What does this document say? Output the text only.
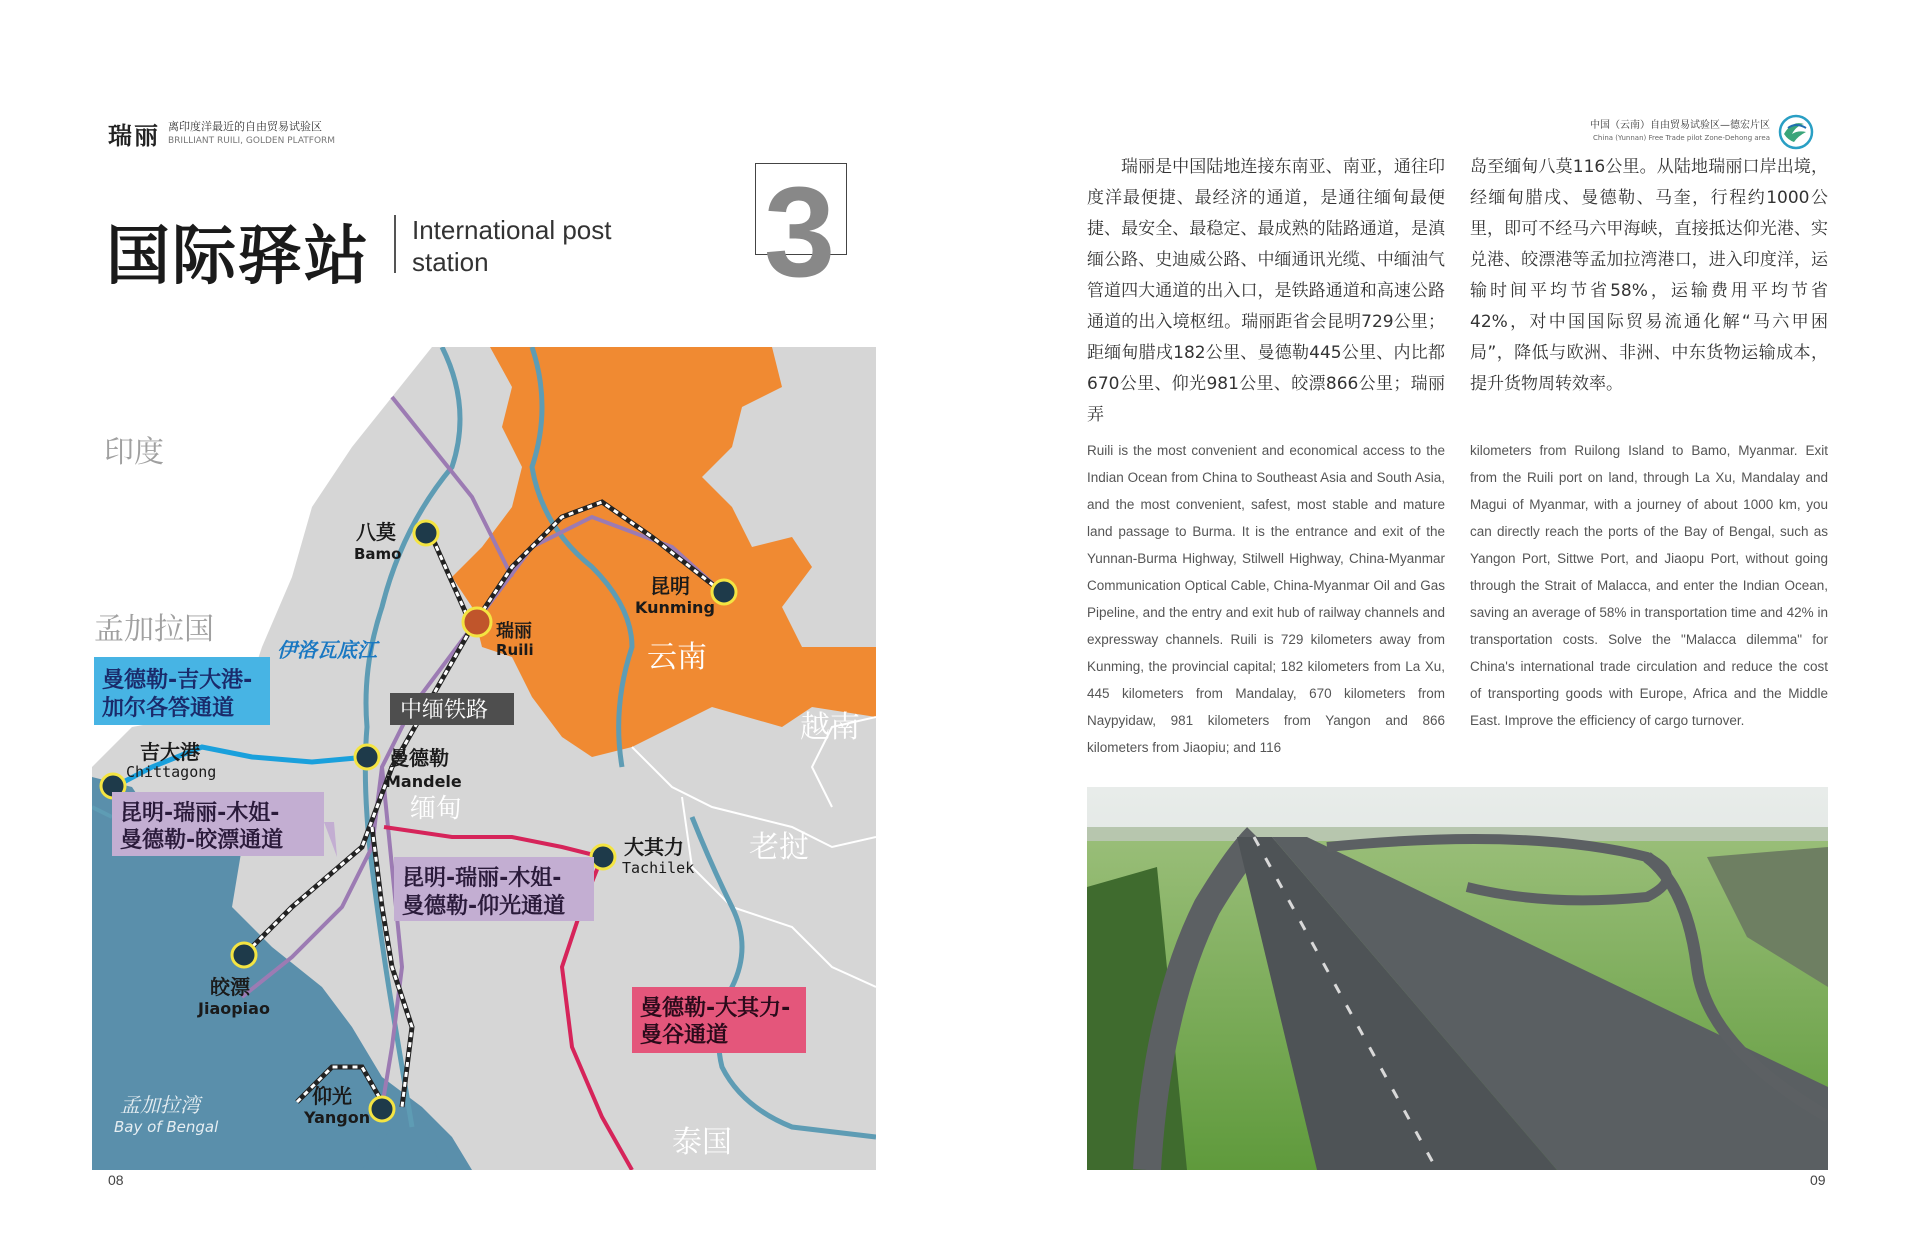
瑞丽 离印度洋最近的自由贸易试验区
BRILLIANT RUILI, GOLDEN PLATFORM
中国（云南）自由贸易试验区—德宏片区
China (Yunnan) Free Trade pilot Zone-Dehong area
国际驿站 International post
station	3
印度
孟加拉国
缅甸
云南
越南
老挝
泰国
孟加拉湾
Bay of Bengal
伊洛瓦底江
八莫
Bamo
瑞丽
Ruili
昆明
Kunming
吉大港
Chittagong
曼德勒
Mandele
大其力
Tachilek
皎漂
Jiaopiao
仰光
Yangon
中缅铁路
曼德勒-吉大港-
加尔各答通道
昆明-瑞丽-木姐-
曼德勒-皎漂通道
昆明-瑞丽-木姐-
曼德勒-仰光通道
曼德勒-大其力-
曼谷通道
08	09
瑞丽是中国陆地连接东南亚、南亚，通往印度洋最便捷、最经济的通道，是通往缅甸最便捷、最安全、最稳定、最成熟的陆路通道，是滇缅公路、史迪威公路、中缅通讯光缆、中缅油气管道四大通道的出入口，是铁路通道和高速公路通道的出入境枢纽。瑞丽距省会昆明729公里；距缅甸腊戌182公里、曼德勒445公里、内比都670公里、仰光981公里、皎漂866公里；瑞丽弄
岛至缅甸八莫116公里。从陆地瑞丽口岸出境，经缅甸腊戌、曼德勒、马奎，行程约1000公里，即可不经马六甲海峡，直接抵达仰光港、实兑港、皎漂港等孟加拉湾港口，进入印度洋，运输时间平均节省58%，运输费用平均节省42%，对中国国际贸易流通化解“马六甲困局”，降低与欧洲、非洲、中东货物运输成本，提升货物周转效率。
Ruili is the most convenient and economical access to the Indian Ocean from China to Southeast Asia and South Asia, and the most convenient, safest, most stable and mature land passage to Burma. It is the entrance and exit of the Yunnan-Burma Highway, Stilwell Highway, China-Myanmar Communication Optical Cable, China-Myanmar Oil and Gas Pipeline, and the entry and exit hub of railway channels and expressway channels. Ruili is 729 kilometers away from Kunming, the provincial capital; 182 kilometers from La Xu, 445 kilometers from Mandalay, 670 kilometers from Naypyidaw, 981 kilometers from Yangon and 866 kilometers from Jiaopiu; and 116
kilometers from Ruilong Island to Bamo, Myanmar. Exit from the Ruili port on land, through La Xu, Mandalay and Magui of Myanmar, with a journey of about 1000 km, you can directly reach the ports of the Bay of Bengal, such as Yangon Port, Sittwe Port, and Jiaopu Port, without going through the Strait of Malacca, and enter the Indian Ocean, saving an average of 58% in transportation time and 42% in transportation costs. Solve the "Malacca dilemma" for China's international trade circulation and reduce the cost of transporting goods with Europe, Africa and the Middle East. Improve the efficiency of cargo turnover.
